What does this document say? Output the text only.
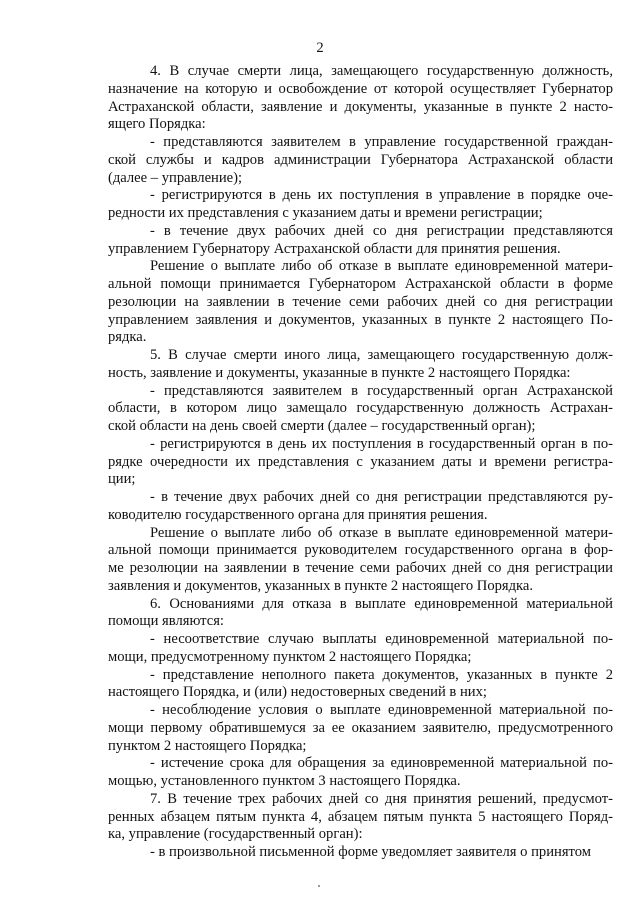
2
4. В случае смерти лица, замещающего государственную должность,
назначение на которую и освобождение от которой осуществляет Губернатор
Астраханской области, заявление и документы, указанные в пункте 2 насто-
ящего Порядка:
- представляются заявителем в управление государственной граждан-
ской службы и кадров администрации Губернатора Астраханской области
(далее – управление);
- регистрируются в день их поступления в управление в порядке оче-
редности их представления с указанием даты и времени регистрации;
- в течение двух рабочих дней со дня регистрации представляются
управлением Губернатору Астраханской области для принятия решения.
Решение о выплате либо об отказе в выплате единовременной матери-
альной помощи принимается Губернатором Астраханской области в форме
резолюции на заявлении в течение семи рабочих дней со дня регистрации
управлением заявления и документов, указанных в пункте 2 настоящего По-
рядка.
5. В случае смерти иного лица, замещающего государственную долж-
ность, заявление и документы, указанные в пункте 2 настоящего Порядка:
- представляются заявителем в государственный орган Астраханской
области, в котором лицо замещало государственную должность Астрахан-
ской области на день своей смерти (далее – государственный орган);
- регистрируются в день их поступления в государственный орган в по-
рядке очередности их представления с указанием даты и времени регистра-
ции;
- в течение двух рабочих дней со дня регистрации представляются ру-
ководителю государственного органа для принятия решения.
Решение о выплате либо об отказе в выплате единовременной матери-
альной помощи принимается руководителем государственного органа в фор-
ме резолюции на заявлении в течение семи рабочих дней со дня регистрации
заявления и документов, указанных в пункте 2 настоящего Порядка.
6. Основаниями для отказа в выплате единовременной материальной
помощи являются:
- несоответствие случаю выплаты единовременной материальной по-
мощи, предусмотренному пунктом 2 настоящего Порядка;
- представление неполного пакета документов, указанных в пункте 2
настоящего Порядка, и (или) недостоверных сведений в них;
- несоблюдение условия о выплате единовременной материальной по-
мощи первому обратившемуся за ее оказанием заявителю, предусмотренного
пунктом 2 настоящего Порядка;
- истечение срока для обращения за единовременной материальной по-
мощью, установленного пунктом 3 настоящего Порядка.
7. В течение трех рабочих дней со дня принятия решений, предусмот-
ренных абзацем пятым пункта 4, абзацем пятым пункта 5 настоящего Поряд-
ка, управление (государственный орган):
- в произвольной письменной форме уведомляет заявителя о принятом
